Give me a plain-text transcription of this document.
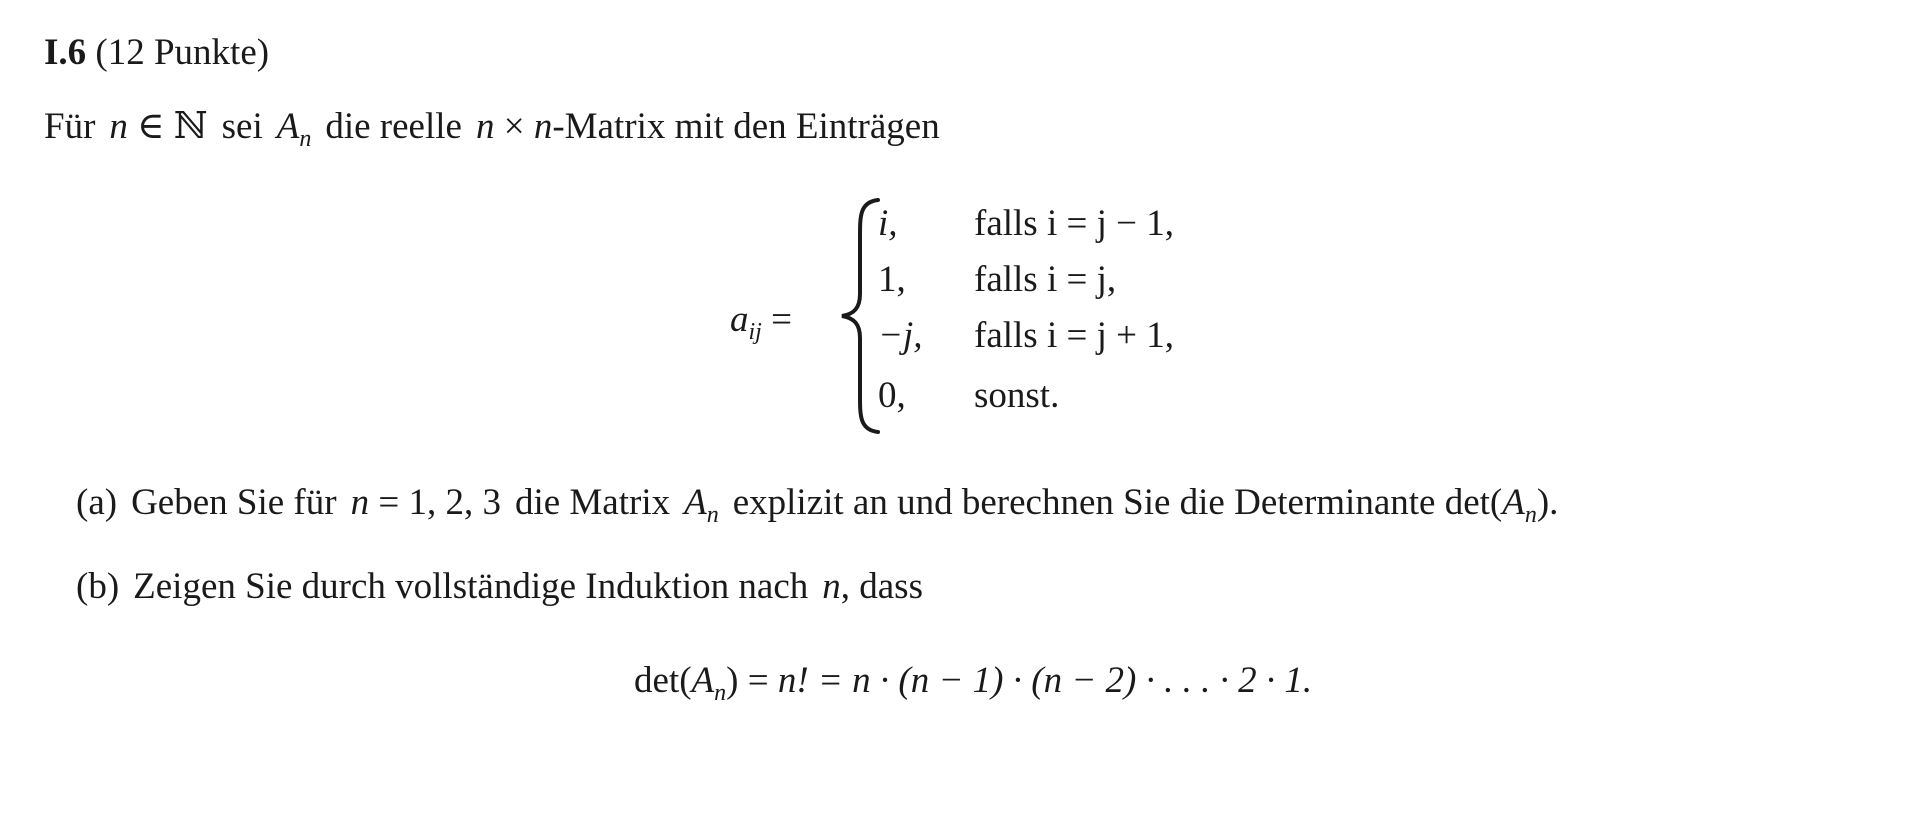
I.6 (12 Punkte)
Für n ∈ ℕ sei $A_n$ die reelle n × n-Matrix mit den Einträgen
$a_{ij}$ =
i, falls i = j − 1,
1, falls i = j,
−j, falls i = j + 1,
0, sonst.
(a) Geben Sie für n = 1, 2, 3 die Matrix $A_n$ explizit an und berechnen Sie die Determinante $\det(A_n)$.
(b) Zeigen Sie durch vollständige Induktion nach n, dass
$\det(A_n) = n$! = n · (n − 1) · (n − 2) · . . . · 2 · 1.
